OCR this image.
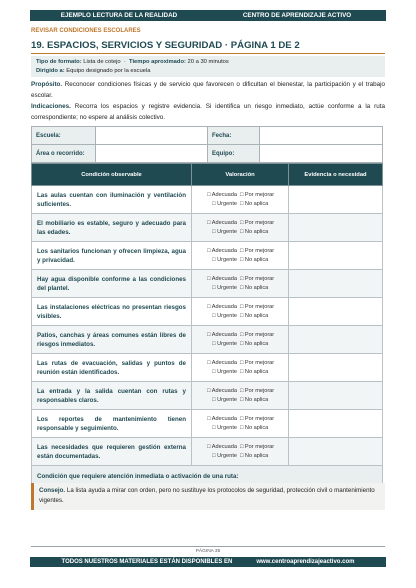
EJEMPLO LECTURA DE LA REALIDAD	CENTRO DE APRENDIZAJE ACTIVO
REVISAR CONDICIONES ESCOLARES
19. ESPACIOS, SERVICIOS Y SEGURIDAD · PÁGINA 1 DE 2
Tipo de formato: Lista de cotejo  ·  Tiempo aproximado: 20 a 30 minutos
Dirigido a: Equipo designado por la escuela
Propósito. Reconocer condiciones físicas y de servicio que favorecen o dificultan el bienestar, la participación y el trabajo escolar.
Indicaciones. Recorra los espacios y registre evidencia. Si identifica un riesgo inmediato, actúe conforme a la ruta correspondiente; no espere al análisis colectivo.
Escuela:		Fecha:	
Área o recorrido:		Equipo:	
Condición observable	Valoración	Evidencia o necesidad
Las aulas cuentan con iluminación y ventilación suficientes.	□ Adecuada □ Por mejorar
□ Urgente □ No aplica	

El mobiliario es estable, seguro y adecuado para las edades.	□ Adecuada □ Por mejorar
□ Urgente □ No aplica	

Los sanitarios funcionan y ofrecen limpieza, agua y privacidad.	□ Adecuada □ Por mejorar
□ Urgente □ No aplica	

Hay agua disponible conforme a las condiciones del plantel.	□ Adecuada □ Por mejorar
□ Urgente □ No aplica	

Las instalaciones eléctricas no presentan riesgos visibles.	□ Adecuada □ Por mejorar
□ Urgente □ No aplica	

Patios, canchas y áreas comunes están libres de riesgos inmediatos.	□ Adecuada □ Por mejorar
□ Urgente □ No aplica	

Las rutas de evacuación, salidas y puntos de reunión están identificados.	□ Adecuada □ Por mejorar
□ Urgente □ No aplica	

La entrada y la salida cuentan con rutas y responsables claros.	□ Adecuada □ Por mejorar
□ Urgente □ No aplica	

Los reportes de mantenimiento tienen responsable y seguimiento.	□ Adecuada □ Por mejorar
□ Urgente □ No aplica	

Las necesidades que requieren gestión externa están documentadas.	□ Adecuada □ Por mejorar
□ Urgente □ No aplica	

Condición que requiere atención inmediata o activación de una ruta:		
Consejo. La lista ayuda a mirar con orden, pero no sustituye los protocolos de seguridad, protección civil o mantenimiento vigentes.
PÁGINA 35
TODOS NUESTROS MATERIALES ESTÁN DISPONIBLES EN	www.centroaprendizajeactivo.com
